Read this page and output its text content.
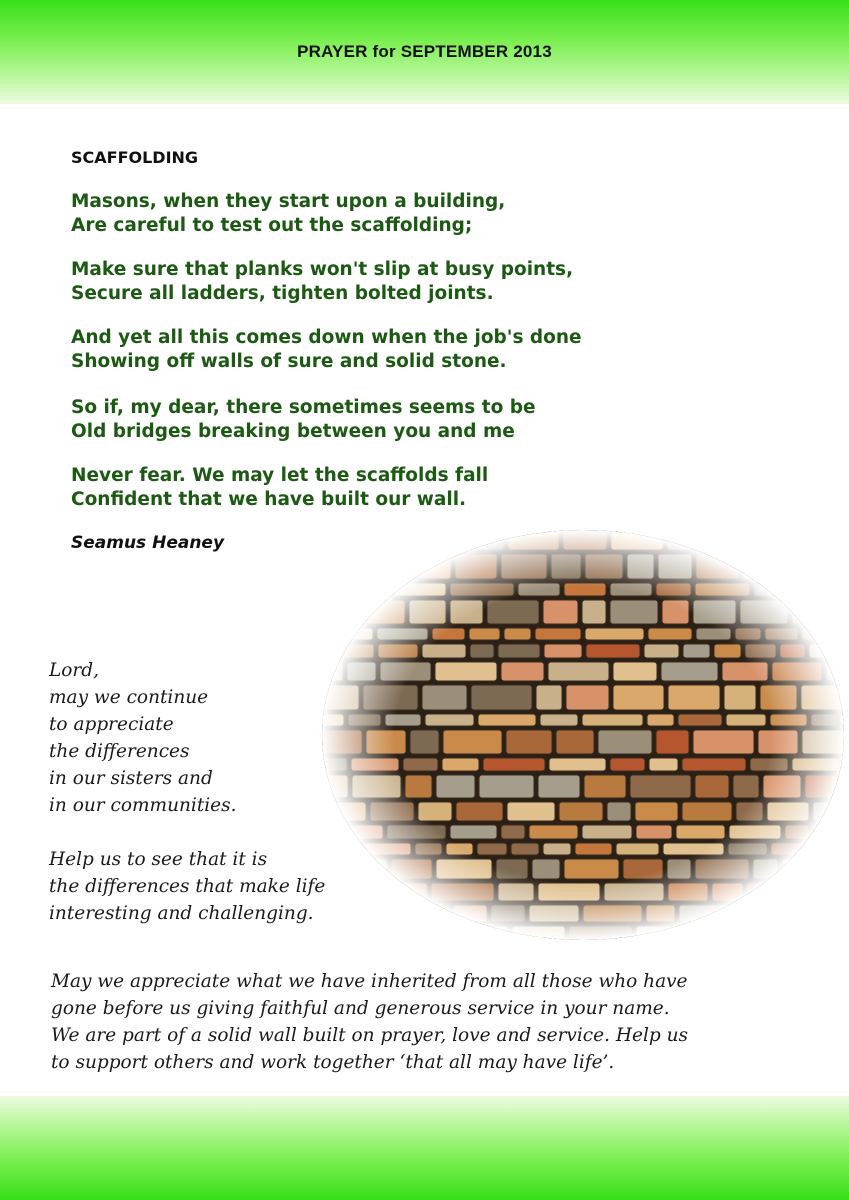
PRAYER for SEPTEMBER 2013
SCAFFOLDING
Masons, when they start upon a building,
Are careful to test out the scaffolding;
Make sure that planks won't slip at busy points,
Secure all ladders, tighten bolted joints.
And yet all this comes down when the job's done
Showing off walls of sure and solid stone.
So if, my dear, there sometimes seems to be
Old bridges breaking between you and me
Never fear. We may let the scaffolds fall
Confident that we have built our wall.
Seamus Heaney
Lord,
may we continue
to appreciate
the differences
in our sisters and
in our communities.
Help us to see that it is
the differences that make life
interesting and challenging.
May we appreciate what we have inherited from all those who have
gone before us giving faithful and generous service in your name.
We are part of a solid wall built on prayer, love and service. Help us
to support others and work together ‘that all may have life’.
